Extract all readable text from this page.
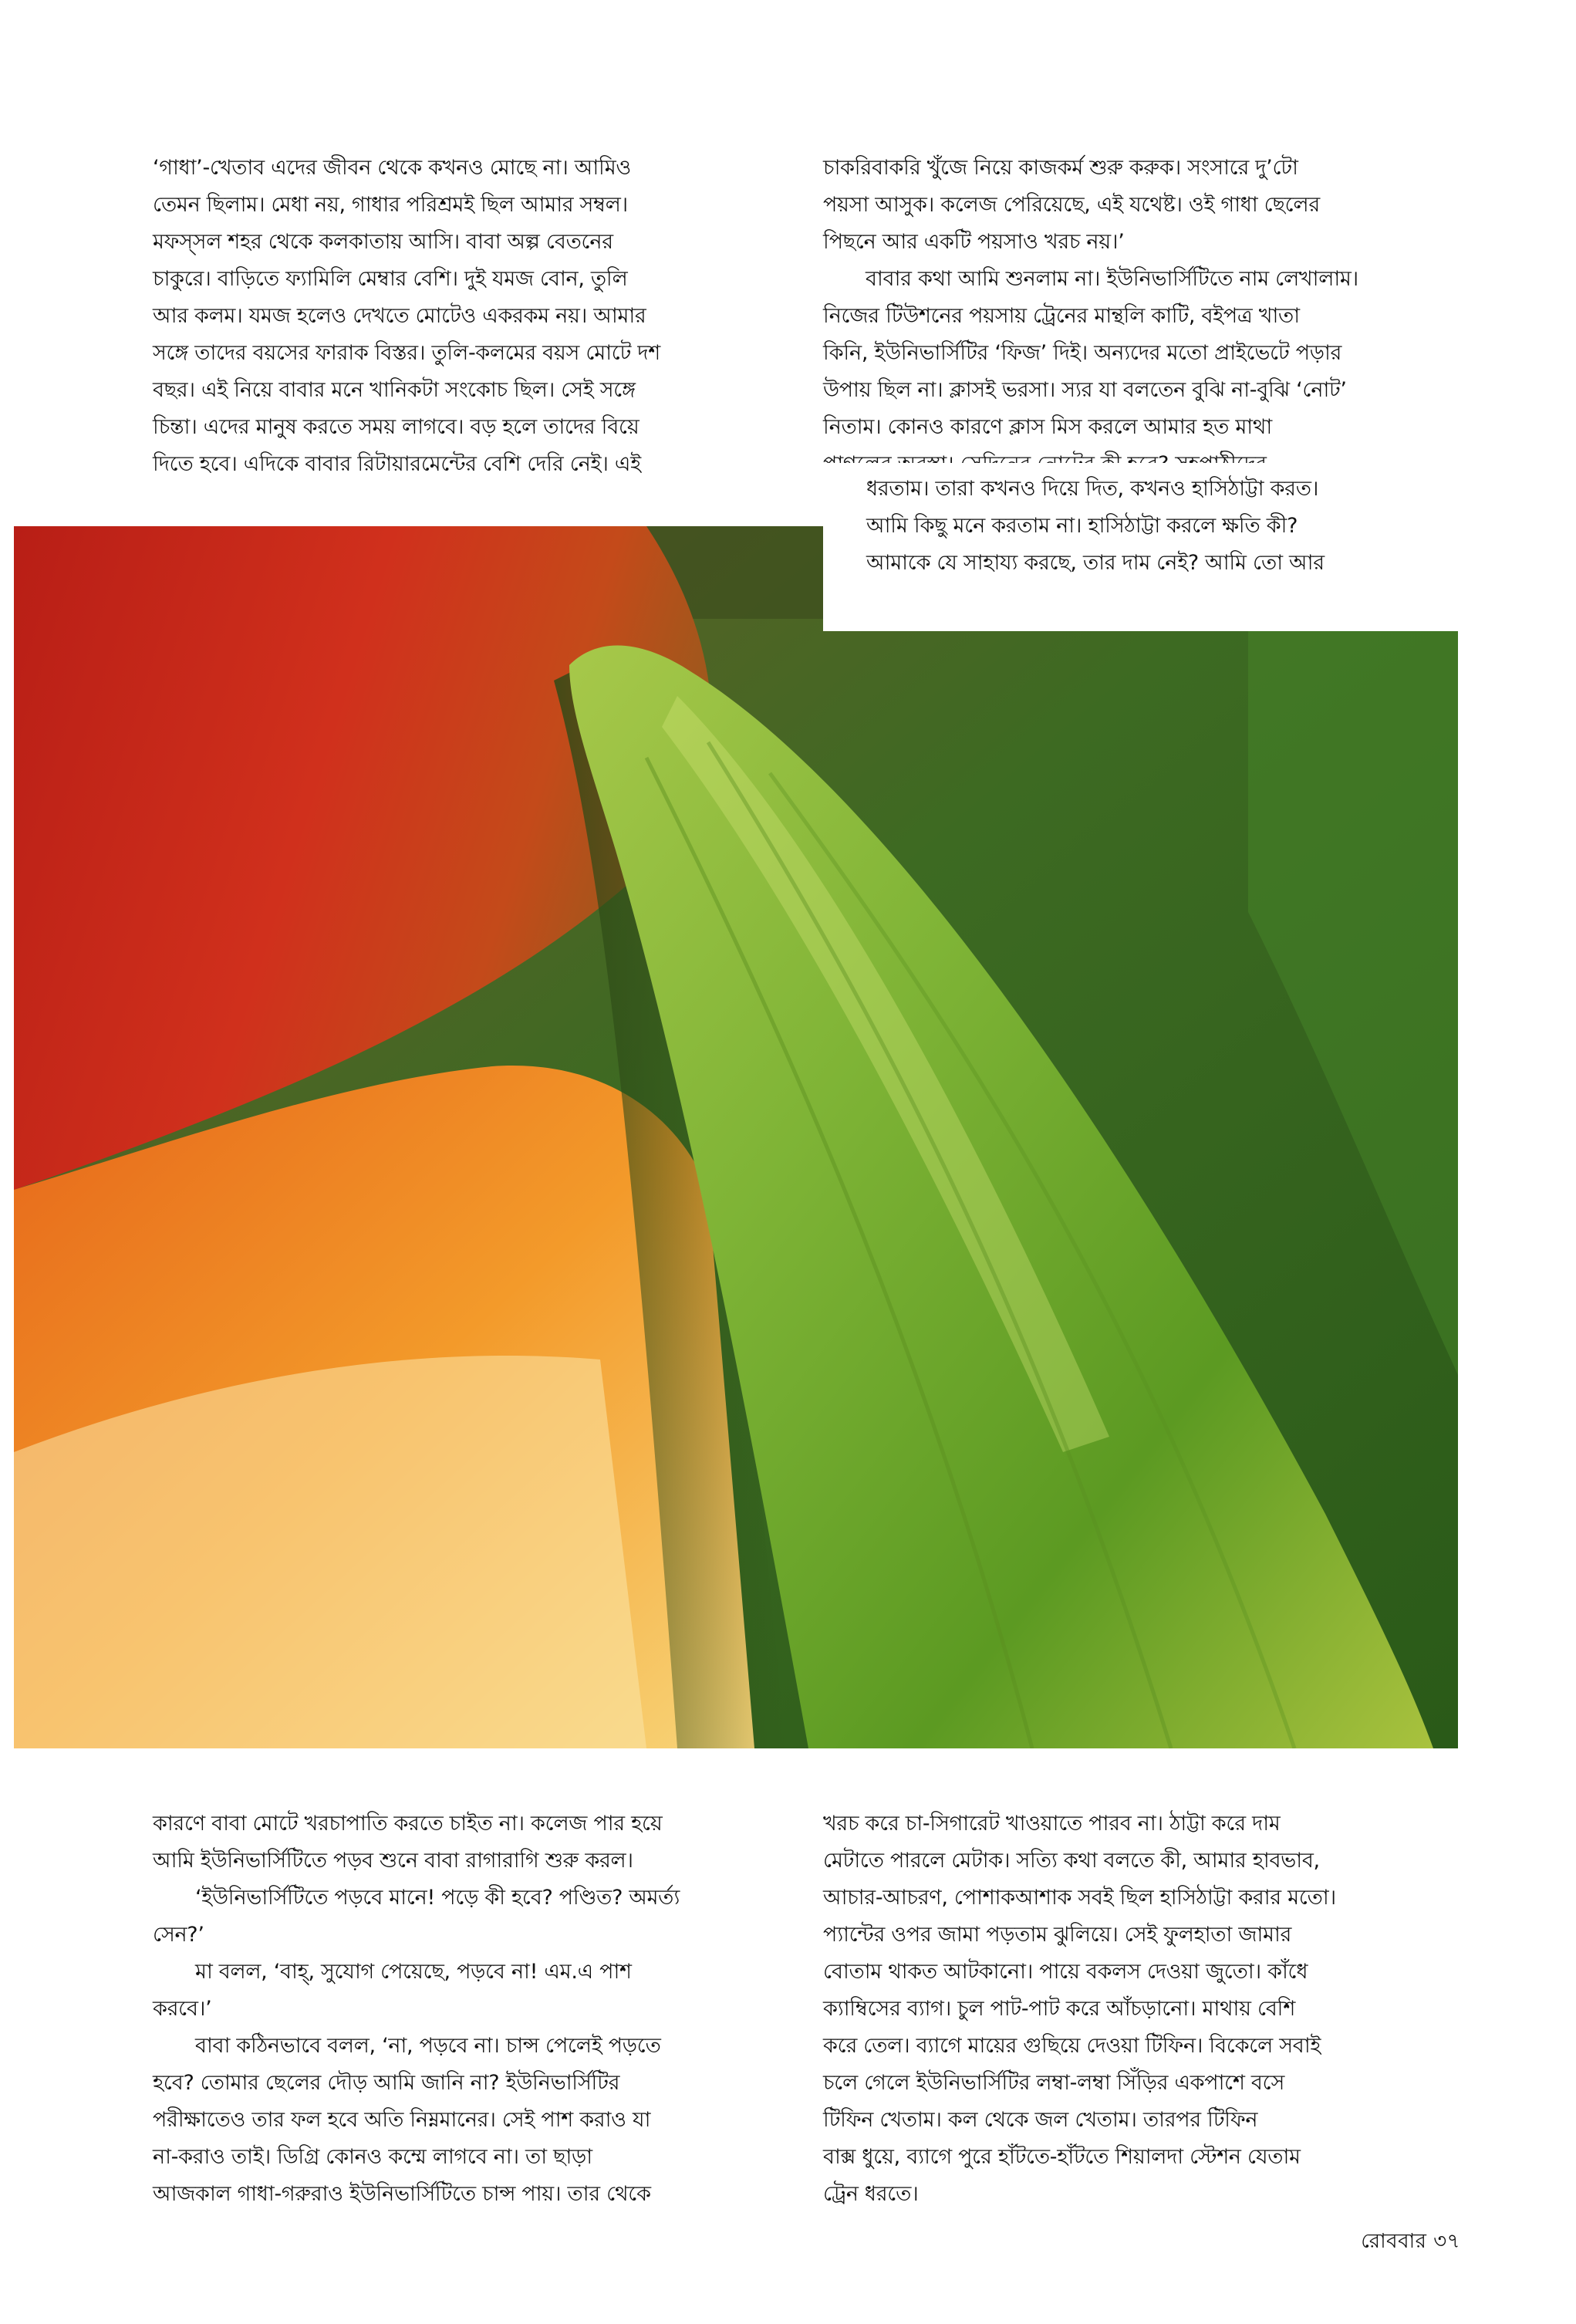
‘গাধা’-খেতাব এদের জীবন থেকে কখনও মোছে না। আমিও
তেমন ছিলাম। মেধা নয়, গাধার পরিশ্রমই ছিল আমার সম্বল।
মফস্‌সল শহর থেকে কলকাতায় আসি। বাবা অল্প বেতনের
চাকুরে। বাড়িতে ফ্যামিলি মেম্বার বেশি। দুই যমজ বোন, তুলি
আর কলম। যমজ হলেও দেখতে মোটেও একরকম নয়। আমার
সঙ্গে তাদের বয়সের ফারাক বিস্তর। তুলি-কলমের বয়স মোটে দশ
বছর। এই নিয়ে বাবার মনে খানিকটা সংকোচ ছিল। সেই সঙ্গে
চিন্তা। এদের মানুষ করতে সময় লাগবে। বড় হলে তাদের বিয়ে
দিতে হবে। এদিকে বাবার রিটায়ারমেন্টের বেশি দেরি নেই। এই
চাকরিবাকরি খুঁজে নিয়ে কাজকর্ম শুরু করুক। সংসারে দু’টো
পয়সা আসুক। কলেজ পেরিয়েছে, এই যথেষ্ট। ওই গাধা ছেলের
পিছনে আর একটি পয়সাও খরচ নয়।’
বাবার কথা আমি শুনলাম না। ইউনিভার্সিটিতে নাম লেখালাম।
নিজের টিউশনের পয়সায় ট্রেনের মান্থলি কাটি, বইপত্র খাতা
কিনি, ইউনিভার্সিটির ‘ফিজ’ দিই। অন্যদের মতো প্রাইভেটে পড়ার
উপায় ছিল না। ক্লাসই ভরসা। স্যর যা বলতেন বুঝি না-বুঝি ‘নোট’
নিতাম। কোনও কারণে ক্লাস মিস করলে আমার হত মাথা
ধরতাম। তারা কখনও দিয়ে দিত, কখনও হাসিঠাট্টা করত।
আমি কিছু মনে করতাম না। হাসিঠাট্টা করলে ক্ষতি কী?
আমাকে যে সাহায্য করছে, তার দাম নেই? আমি তো আর
কারণে বাবা মোটে খরচাপাতি করতে চাইত না। কলেজ পার হয়ে
আমি ইউনিভার্সিটিতে পড়ব শুনে বাবা রাগারাগি শুরু করল।
‘ইউনিভার্সিটিতে পড়বে মানে! পড়ে কী হবে? পণ্ডিত? অমর্ত্য
সেন?’
মা বলল, ‘বাহ্‌, সুযোগ পেয়েছে, পড়বে না! এম.এ পাশ
করবে।’
বাবা কঠিনভাবে বলল, ‘না, পড়বে না। চান্স পেলেই পড়তে
হবে? তোমার ছেলের দৌড় আমি জানি না? ইউনিভার্সিটির
পরীক্ষাতেও তার ফল হবে অতি নিম্নমানের। সেই পাশ করাও যা
না-করাও তাই। ডিগ্রি কোনও কম্মে লাগবে না। তা ছাড়া
আজকাল গাধা-গরুরাও ইউনিভার্সিটিতে চান্স পায়। তার থেকে
খরচ করে চা-সিগারেট খাওয়াতে পারব না। ঠাট্টা করে দাম
মেটাতে পারলে মেটাক। সত্যি কথা বলতে কী, আমার হাবভাব,
আচার-আচরণ, পোশাকআশাক সবই ছিল হাসিঠাট্টা করার মতো।
প্যান্টের ওপর জামা পড়তাম ঝুলিয়ে। সেই ফুলহাতা জামার
বোতাম থাকত আটকানো। পায়ে বকলস দেওয়া জুতো। কাঁধে
ক্যাম্বিসের ব্যাগ। চুল পাট-পাট করে আঁচড়ানো। মাথায় বেশি
করে তেল। ব্যাগে মায়ের গুছিয়ে দেওয়া টিফিন। বিকেলে সবাই
চলে গেলে ইউনিভার্সিটির লম্বা-লম্বা সিঁড়ির একপাশে বসে
টিফিন খেতাম। কল থেকে জল খেতাম। তারপর টিফিন
বাক্স ধুয়ে, ব্যাগে পুরে হাঁটতে-হাঁটতে শিয়ালদা স্টেশন যেতাম
ট্রেন ধরতে।
রোববার ৩৭
